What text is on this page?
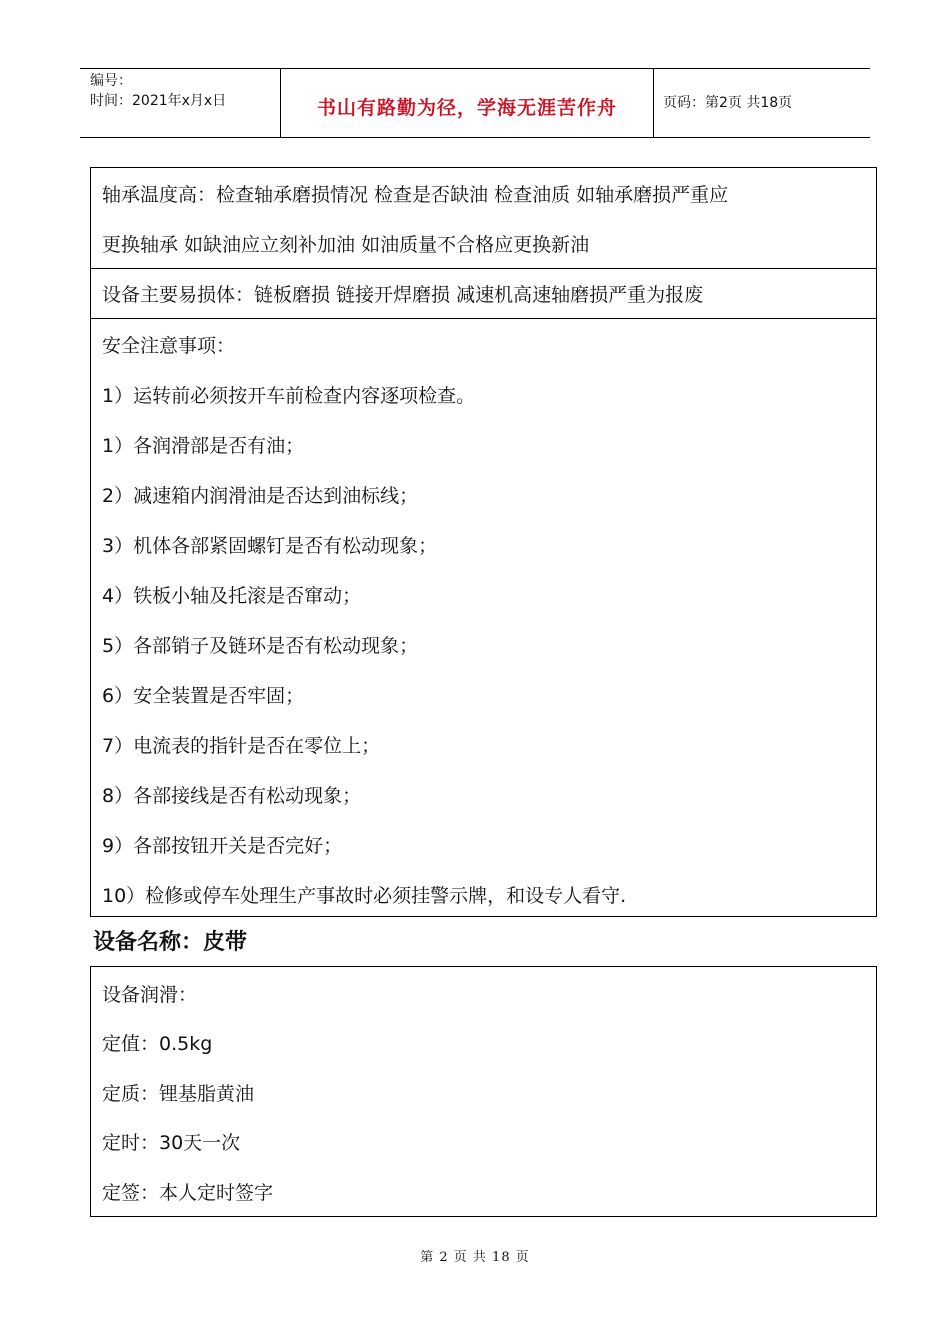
编号：
时间：2021年x月x日	书山有路勤为径，学海无涯苦作舟	页码：第2页 共18页
轴承温度高：检查轴承磨损情况 检查是否缺油 检查油质 如轴承磨损严重应
更换轴承 如缺油应立刻补加油 如油质量不合格应更换新油
设备主要易损体：链板磨损 链接开焊磨损 减速机高速轴磨损严重为报废
安全注意事项：
1）运转前必须按开车前检查内容逐项检查。
1）各润滑部是否有油；
2）减速箱内润滑油是否达到油标线；
3）机体各部紧固螺钉是否有松动现象；
4）铁板小轴及托滚是否窜动；
5）各部销子及链环是否有松动现象；
6）安全装置是否牢固；
7）电流表的指针是否在零位上；
8）各部接线是否有松动现象；
9）各部按钮开关是否完好；
10）检修或停车处理生产事故时必须挂警示牌，和设专人看守.
设备名称：皮带
设备润滑：
定值：0.5kg
定质：锂基脂黄油
定时：30天一次
定签：本人定时签字
第 2 页 共 18 页
